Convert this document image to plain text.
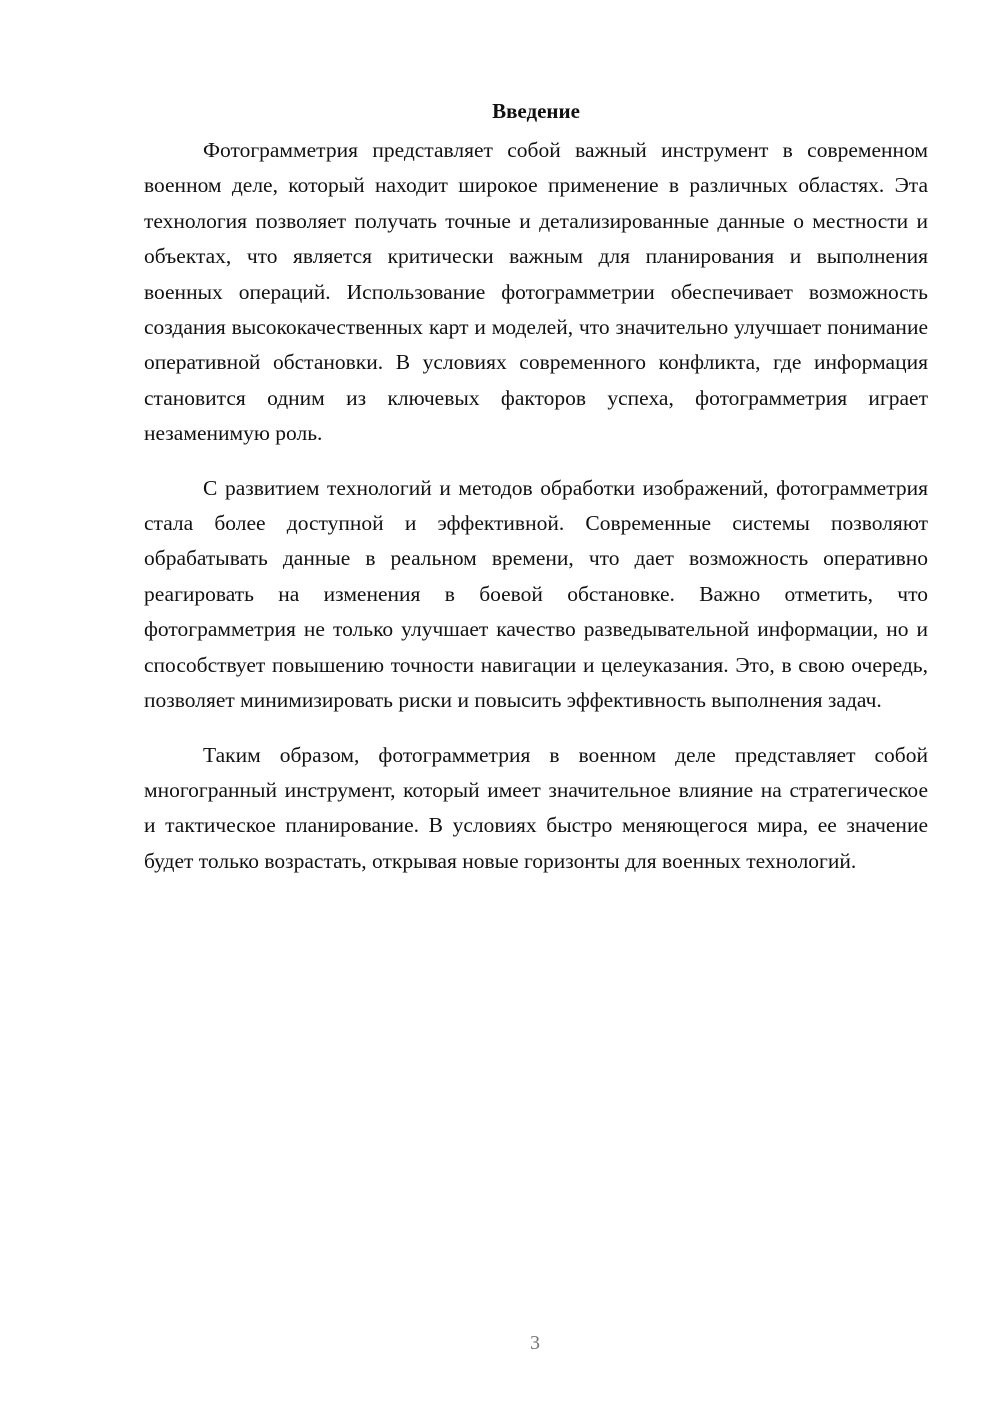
Введение

Фотограмметрия представляет собой важный инструмент в современном военном деле, который находит широкое применение в различных областях. Эта технология позволяет получать точные и детализированные данные о местности и объектах, что является критически важным для планирования и выполнения военных операций. Использование фотограмметрии обеспечивает возможность создания высококачественных карт и моделей, что значительно улучшает понимание оперативной обстановки. В условиях современного конфликта, где информация становится одним из ключевых факторов успеха, фотограмметрия играет незаменимую роль.

С развитием технологий и методов обработки изображений, фотограмметрия стала более доступной и эффективной. Современные системы позволяют обрабатывать данные в реальном времени, что дает возможность оперативно реагировать на изменения в боевой обстановке. Важно отметить, что фотограмметрия не только улучшает качество разведывательной информации, но и способствует повышению точности навигации и целеуказания. Это, в свою очередь, позволяет минимизировать риски и повысить эффективность выполнения задач.

Таким образом, фотограмметрия в военном деле представляет собой многогранный инструмент, который имеет значительное влияние на стратегическое и тактическое планирование. В условиях быстро меняющегося мира, ее значение будет только возрастать, открывая новые горизонты для военных технологий.

3
